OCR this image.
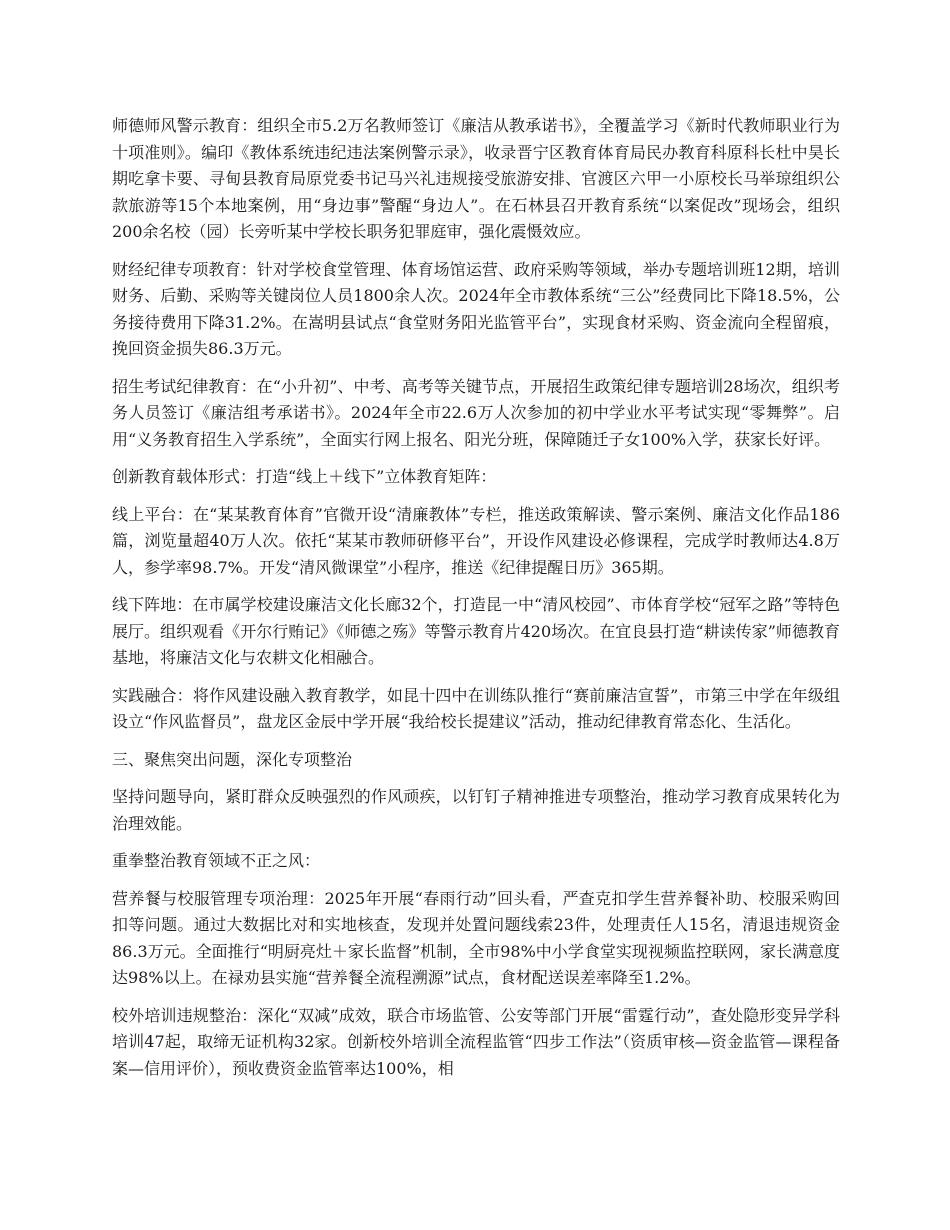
师德师风警示教育：组织全市5.2万名教师签订《廉洁从教承诺书》，全覆盖学习《新时代教师职业行为十项准则》。编印《教体系统违纪违法案例警示录》，收录晋宁区教育体育局民办教育科原科长杜中昊长期吃拿卡要、寻甸县教育局原党委书记马兴礼违规接受旅游安排、官渡区六甲一小原校长马举琼组织公款旅游等15个本地案例，用“身边事”警醒“身边人”。在石林县召开教育系统“以案促改”现场会，组织200余名校（园）长旁听某中学校长职务犯罪庭审，强化震慑效应。

财经纪律专项教育：针对学校食堂管理、体育场馆运营、政府采购等领域，举办专题培训班12期，培训财务、后勤、采购等关键岗位人员1800余人次。2024年全市教体系统“三公”经费同比下降18.5%，公务接待费用下降31.2%。在嵩明县试点“食堂财务阳光监管平台”，实现食材采购、资金流向全程留痕，挽回资金损失86.3万元。

招生考试纪律教育：在“小升初”、中考、高考等关键节点，开展招生政策纪律专题培训28场次，组织考务人员签订《廉洁组考承诺书》。2024年全市22.6万人次参加的初中学业水平考试实现“零舞弊”。启用“义务教育招生入学系统”，全面实行网上报名、阳光分班，保障随迁子女100%入学，获家长好评。

创新教育载体形式：打造“线上＋线下”立体教育矩阵：

线上平台：在“某某教育体育”官微开设“清廉教体”专栏，推送政策解读、警示案例、廉洁文化作品186篇，浏览量超40万人次。依托“某某市教师研修平台”，开设作风建设必修课程，完成学时教师达4.8万人，参学率98.7%。开发“清风微课堂”小程序，推送《纪律提醒日历》365期。

线下阵地：在市属学校建设廉洁文化长廊32个，打造昆一中“清风校园”、市体育学校“冠军之路”等特色展厅。组织观看《开尔行贿记》《师德之殇》等警示教育片420场次。在宜良县打造“耕读传家”师德教育基地，将廉洁文化与农耕文化相融合。

实践融合：将作风建设融入教育教学，如昆十四中在训练队推行“赛前廉洁宣誓”，市第三中学在年级组设立“作风监督员”，盘龙区金辰中学开展“我给校长提建议”活动，推动纪律教育常态化、生活化。

三、聚焦突出问题，深化专项整治

坚持问题导向，紧盯群众反映强烈的作风顽疾，以钉钉子精神推进专项整治，推动学习教育成果转化为治理效能。

重拳整治教育领域不正之风：

营养餐与校服管理专项治理：2025年开展“春雨行动”回头看，严查克扣学生营养餐补助、校服采购回扣等问题。通过大数据比对和实地核查，发现并处置问题线索23件，处理责任人15名，清退违规资金86.3万元。全面推行“明厨亮灶＋家长监督”机制，全市98%中小学食堂实现视频监控联网，家长满意度达98%以上。在禄劝县实施“营养餐全流程溯源”试点，食材配送误差率降至1.2%。

校外培训违规整治：深化“双减”成效，联合市场监管、公安等部门开展“雷霆行动”，查处隐形变异学科培训47起，取缔无证机构32家。创新校外培训全流程监管“四步工作法”（资质审核—资金监管—课程备案—信用评价），预收费资金监管率达100%，相
